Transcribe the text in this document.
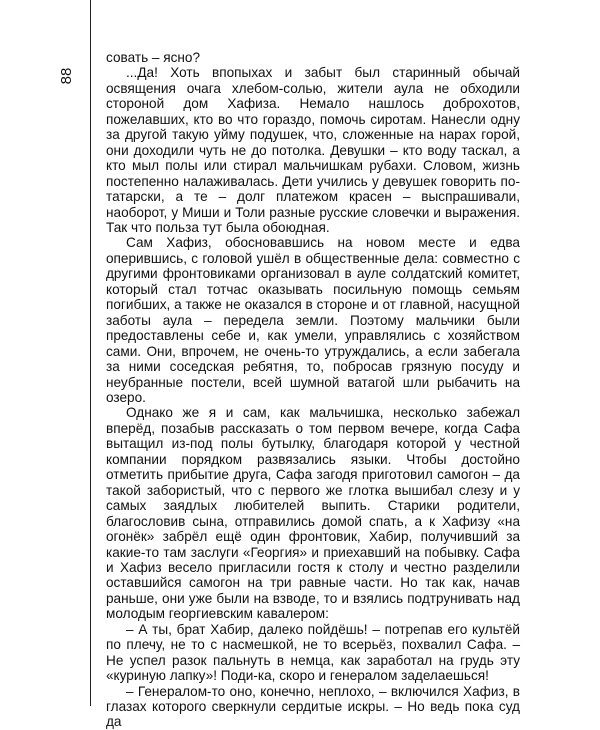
88

совать – ясно?

...Да! Хоть впопыхах и забыт был старинный обычай освящения очага хлебом-солью, жители аула не обходили стороной дом Хафиза. Немало нашлось доброхотов, пожелавших, кто во что гораздо, помочь сиротам. Нанесли одну за другой такую уйму подушек, что, сложенные на нарах горой, они доходили чуть не до потолка. Девушки – кто воду таскал, а кто мыл полы или стирал мальчишкам рубахи. Словом, жизнь постепенно налаживалась. Дети учились у девушек говорить по-татарски, а те – долг платежом красен – выспрашивали, наоборот, у Миши и Толи разные русские словечки и выражения. Так что польза тут была обоюдная.

Сам Хафиз, обосновавшись на новом месте и едва оперившись, с головой ушёл в общественные дела: совместно с другими фронтовиками организовал в ауле солдатский комитет, который стал тотчас оказывать посильную помощь семьям погибших, а также не оказался в стороне и от главной, насущной заботы аула – передела земли. Поэтому мальчики были предоставлены себе и, как умели, управлялись с хозяйством сами. Они, впрочем, не очень-то утруждались, а если забегала за ними соседская ребятня, то, побросав грязную посуду и неубранные постели, всей шумной ватагой шли рыбачить на озеро.

Однако же я и сам, как мальчишка, несколько забежал вперёд, позабыв рассказать о том первом вечере, когда Сафа вытащил из-под полы бутылку, благодаря которой у честной компании порядком развязались языки. Чтобы достойно отметить прибытие друга, Сафа загодя приготовил самогон – да такой забористый, что с первого же глотка вышибал слезу и у самых заядлых любителей выпить. Старики родители, благословив сына, отправились домой спать, а к Хафизу «на огонёк» забрёл ещё один фронтовик, Хабир, получивший за какие-то там заслуги «Георгия» и приехавший на побывку. Сафа и Хафиз весело пригласили гостя к столу и честно разделили оставшийся самогон на три равные части. Но так как, начав раньше, они уже были на взводе, то и взялись подтрунивать над молодым георгиевским кавалером:

– А ты, брат Хабир, далеко пойдёшь! – потрепав его культёй по плечу, не то с насмешкой, не то всерьёз, похвалил Сафа. – Не успел разок пальнуть в немца, как заработал на грудь эту «куриную лапку»! Поди-ка, скоро и генералом заделаешься!

– Генералом-то оно, конечно, неплохо, – включился Хафиз, в глазах которого сверкнули сердитые искры. – Но ведь пока суд да
